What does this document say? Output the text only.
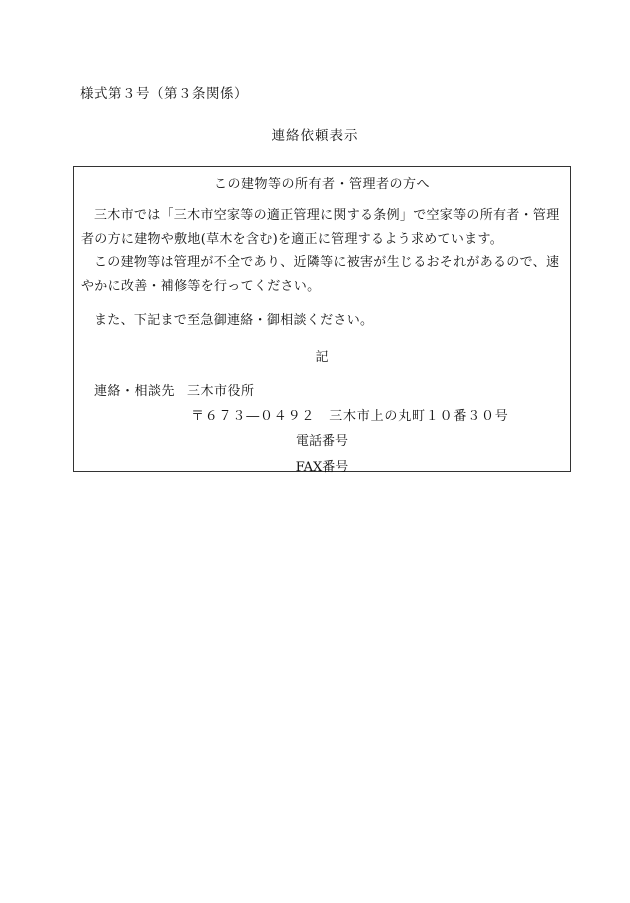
様式第３号（第３条関係）
連絡依頼表示
この建物等の所有者・管理者の方へ
三木市では「三木市空家等の適正管理に関する条例」で空家等の所有者・管理者の方に建物や敷地(草木を含む)を適正に管理するよう求めています。
この建物等は管理が不全であり、近隣等に被害が生じるおそれがあるので、速やかに改善・補修等を行ってください。
また、下記まで至急御連絡・御相談ください。
記
連絡・相談先 三木市役所
〒６７３―０４９２ 三木市上の丸町１０番３０号
電話番号
FAX番号
